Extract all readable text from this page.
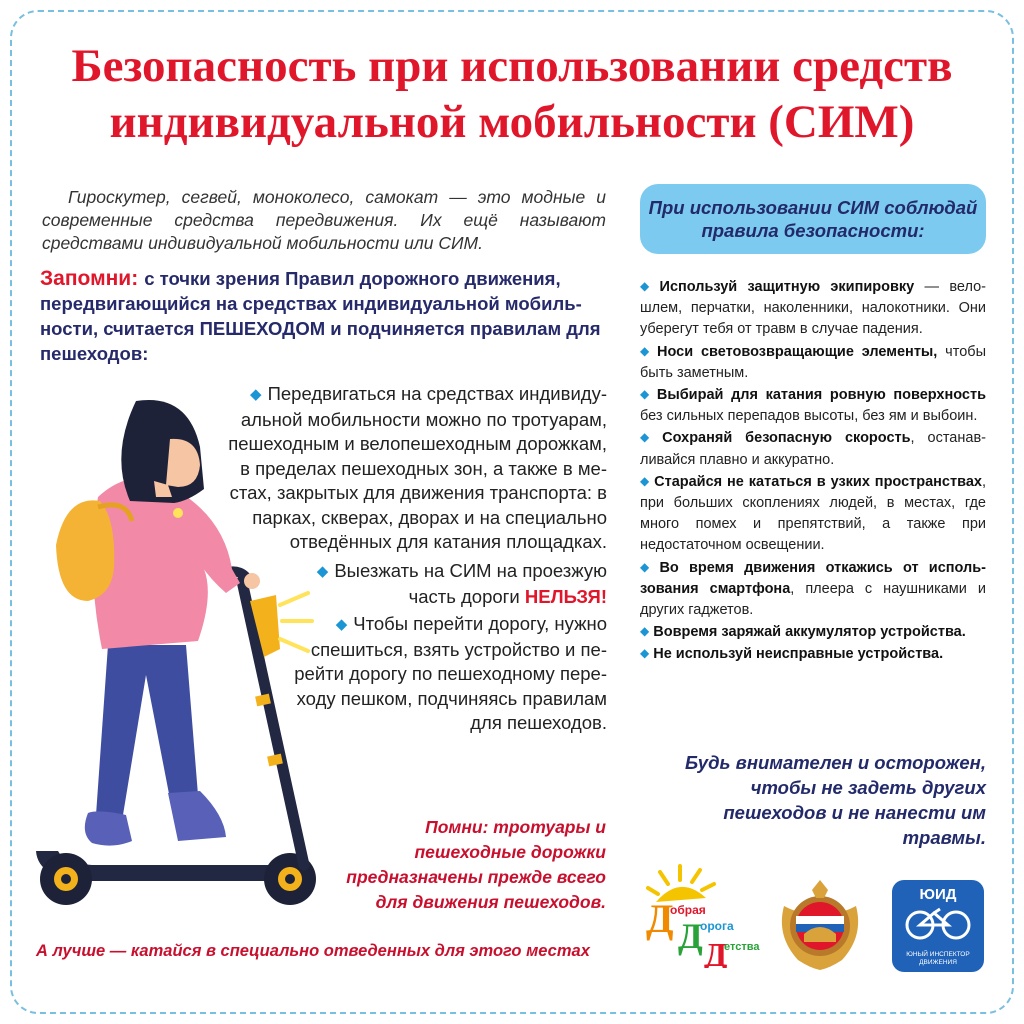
Безопасность при использовании средств
индивидуальной мобильности (СИМ)

Гироскутер, сегвей, моноколесо, самокат — это модные и современные средства передвижения. Их ещё называют средствами индивидуальной мобильности или СИМ.

Запомни: с точки зрения Правил дорожного движения, передвигающийся на средствах индивидуальной мобильности, считается ПЕШЕХОДОМ и подчиняется правилам для пешеходов:

◆ Передвигаться на средствах индивидуальной мобильности можно по тротуарам, пешеходным и велопешеходным дорожкам, в пределах пешеходных зон, а также в местах, закрытых для движения транспорта: в парках, скверах, дворах и на специально отведённых для катания площадках.
◆ Выезжать на СИМ на проезжую часть дороги НЕЛЬЗЯ!
◆ Чтобы перейти дорогу, нужно спешиться, взять устройство и перейти дорогу по пешеходному переходу пешком, подчиняясь правилам для пешеходов.

Помни: тротуары и пешеходные дорожки предназначены прежде всего для движения пешеходов.

А лучше — катайся в специально отведенных для этого местах

При использовании СИМ соблюдай правила безопасности:

◆ Используй защитную экипировку — велошлем, перчатки, наколенники, налокотники. Они уберегут тебя от травм в случае падения.

◆ Носи световозвращающие элементы, чтобы быть заметным.

◆ Выбирай для катания ровную поверхность без сильных перепадов высоты, без ям и выбоин.

◆ Сохраняй безопасную скорость, останавливайся плавно и аккуратно.

◆ Старайся не кататься в узких пространствах, при больших скоплениях людей, в местах, где много помех и препятствий, а также при недостаточном освещении.

◆ Во время движения откажись от использования смартфона, плеера с наушниками и других гаджетов.

◆ Вовремя заряжай аккумулятор устройства.

◆ Не используй неисправные устройства.

Будь внимателен и осторожен, чтобы не задеть других пешеходов и не нанести им травмы.

Д
обрая
Д
орога
Д
етства
ЮИД
ЮНЫЙ ИНСПЕКТОР ДВИЖЕНИЯ
